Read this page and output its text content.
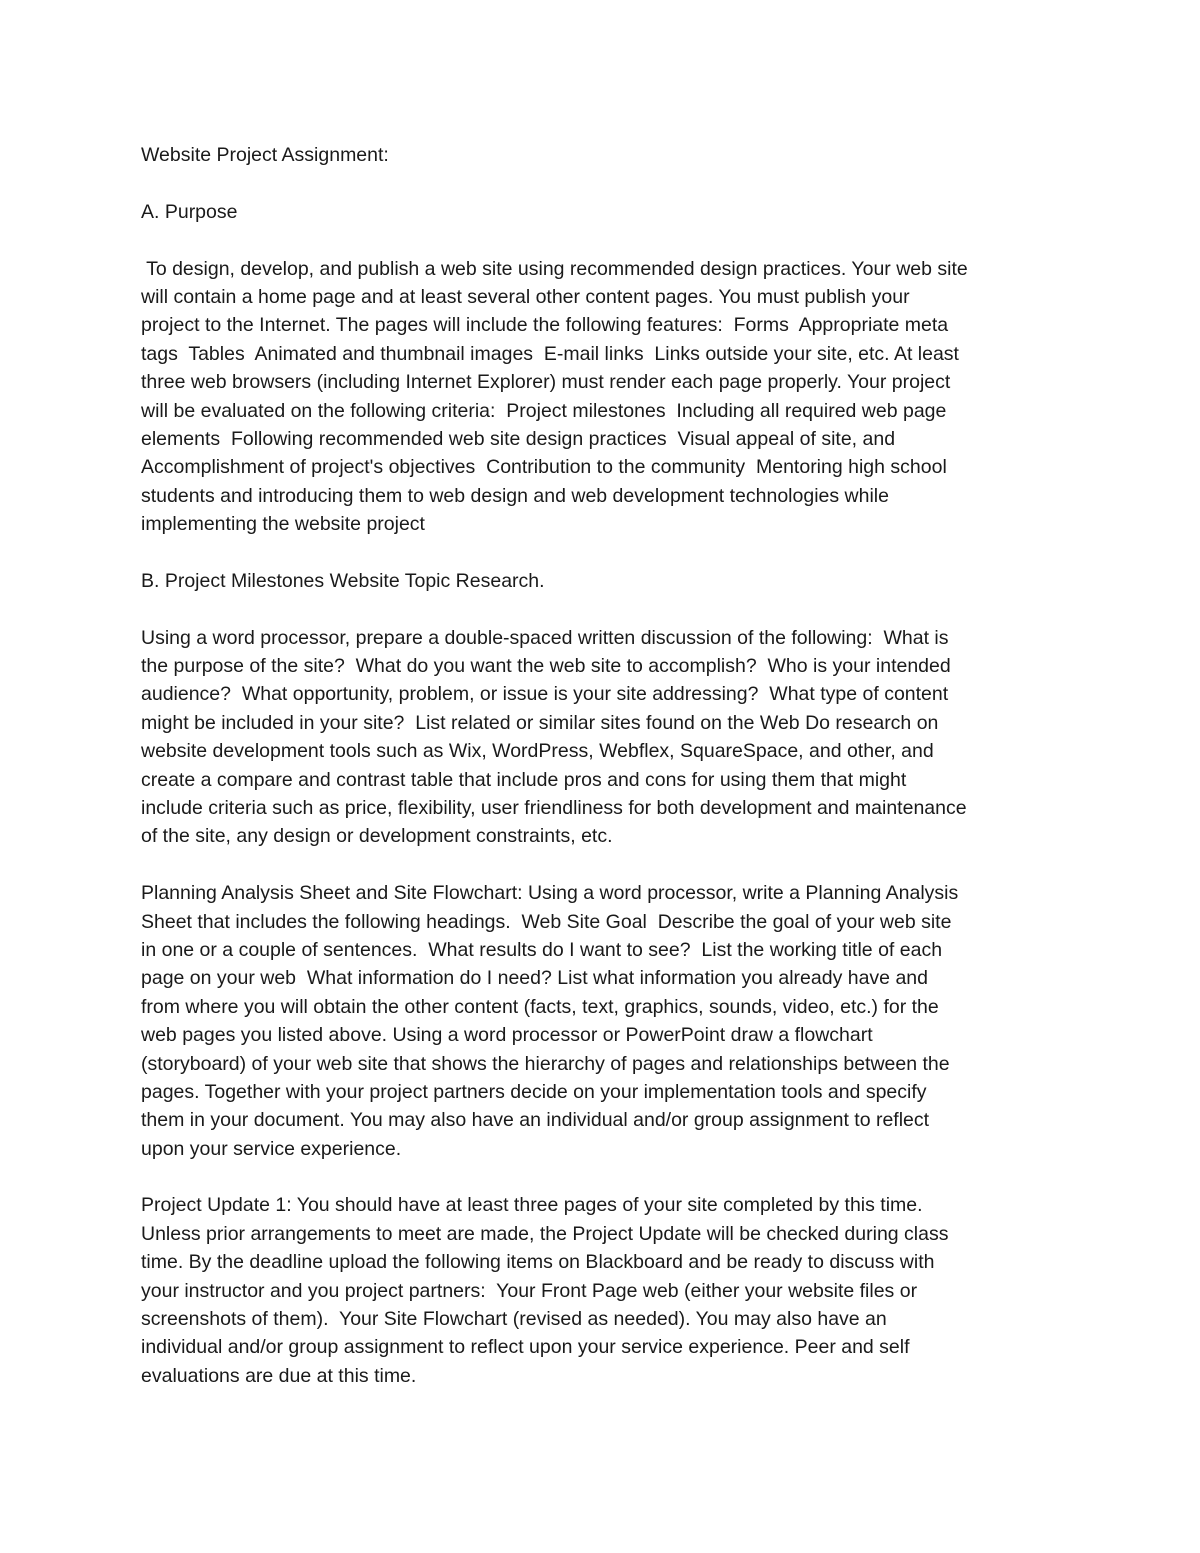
Website Project Assignment:
A. Purpose
To design, develop, and publish a web site using recommended design practices. Your web site
will contain a home page and at least several other content pages. You must publish your
project to the Internet. The pages will include the following features:  Forms  Appropriate meta
tags  Tables  Animated and thumbnail images  E-mail links  Links outside your site, etc. At least
three web browsers (including Internet Explorer) must render each page properly. Your project
will be evaluated on the following criteria:  Project milestones  Including all required web page
elements  Following recommended web site design practices  Visual appeal of site, and
Accomplishment of project's objectives  Contribution to the community  Mentoring high school
students and introducing them to web design and web development technologies while
implementing the website project
B. Project Milestones Website Topic Research.
Using a word processor, prepare a double-spaced written discussion of the following:  What is
the purpose of the site?  What do you want the web site to accomplish?  Who is your intended
audience?  What opportunity, problem, or issue is your site addressing?  What type of content
might be included in your site?  List related or similar sites found on the Web Do research on
website development tools such as Wix, WordPress, Webflex, SquareSpace, and other, and
create a compare and contrast table that include pros and cons for using them that might
include criteria such as price, flexibility, user friendliness for both development and maintenance
of the site, any design or development constraints, etc.
Planning Analysis Sheet and Site Flowchart: Using a word processor, write a Planning Analysis
Sheet that includes the following headings.  Web Site Goal  Describe the goal of your web site
in one or a couple of sentences.  What results do I want to see?  List the working title of each
page on your web  What information do I need? List what information you already have and
from where you will obtain the other content (facts, text, graphics, sounds, video, etc.) for the
web pages you listed above. Using a word processor or PowerPoint draw a flowchart
(storyboard) of your web site that shows the hierarchy of pages and relationships between the
pages. Together with your project partners decide on your implementation tools and specify
them in your document. You may also have an individual and/or group assignment to reflect
upon your service experience.
Project Update 1: You should have at least three pages of your site completed by this time.
Unless prior arrangements to meet are made, the Project Update will be checked during class
time. By the deadline upload the following items on Blackboard and be ready to discuss with
your instructor and you project partners:  Your Front Page web (either your website files or
screenshots of them).  Your Site Flowchart (revised as needed). You may also have an
individual and/or group assignment to reflect upon your service experience. Peer and self
evaluations are due at this time.
